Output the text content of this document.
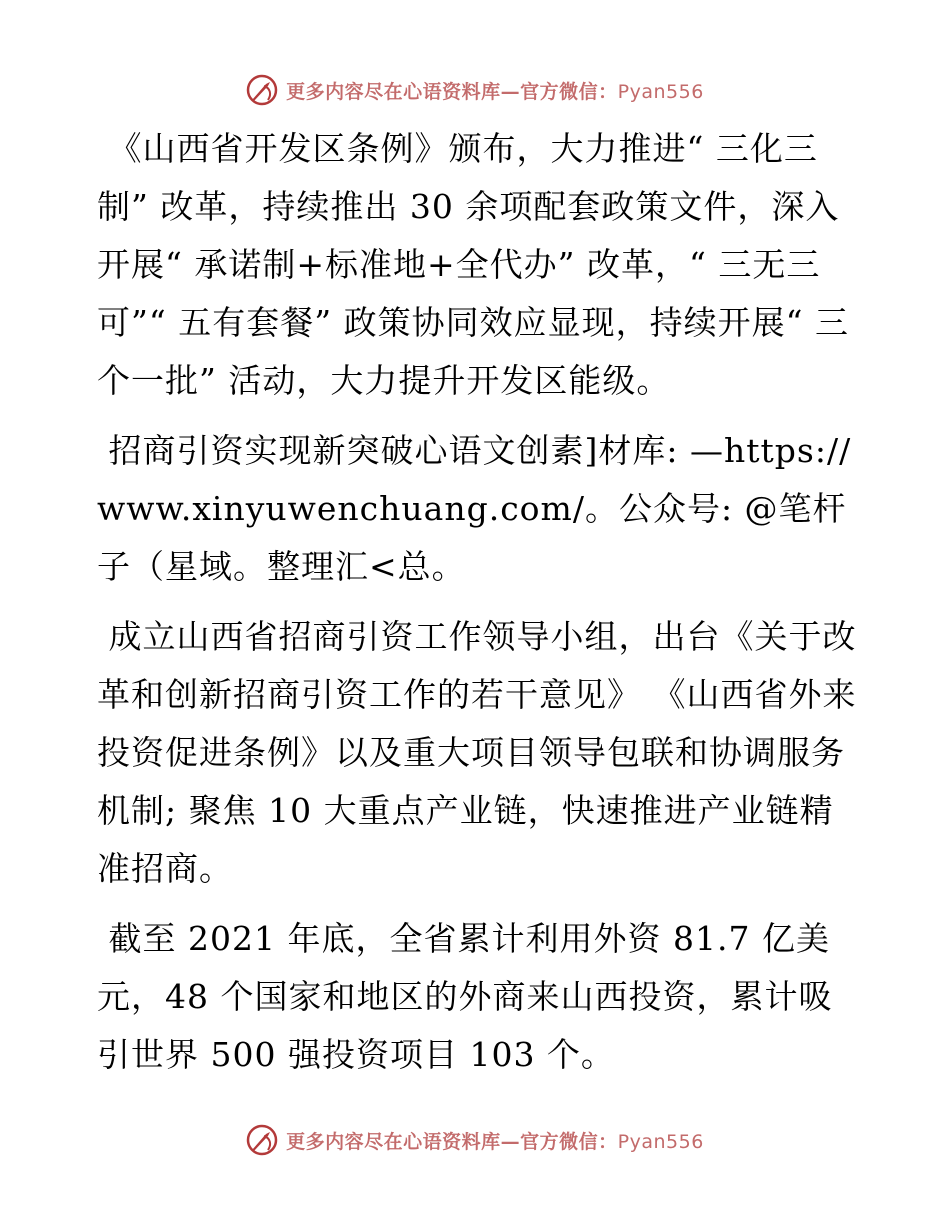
更多内容尽在心语资料库—官方微信：Pyan556

《山西省开发区条例》颁布，大力推进“ 三化三制” 改革，持续推出 30 余项配套政策文件，深入开展“ 承诺制+标准地+全代办” 改革，“ 三无三可”“ 五有套餐” 政策协同效应显现，持续开展“ 三个一批” 活动，大力提升开发区能级。

招商引资实现新突破心语文创素]材库: —https://www.xinyuwenchuang.com/。公众号: @笔杆子（星域。整理汇<总。

成立山西省招商引资工作领导小组，出台《关于改革和创新招商引资工作的若干意见》 《山西省外来投资促进条例》以及重大项目领导包联和协调服务机制; 聚焦 10 大重点产业链，快速推进产业链精准招商。

截至 2021 年底，全省累计利用外资 81.7 亿美元，48 个国家和地区的外商来山西投资，累计吸引世界 500 强投资项目 103 个。

更多内容尽在心语资料库—官方微信：Pyan556
